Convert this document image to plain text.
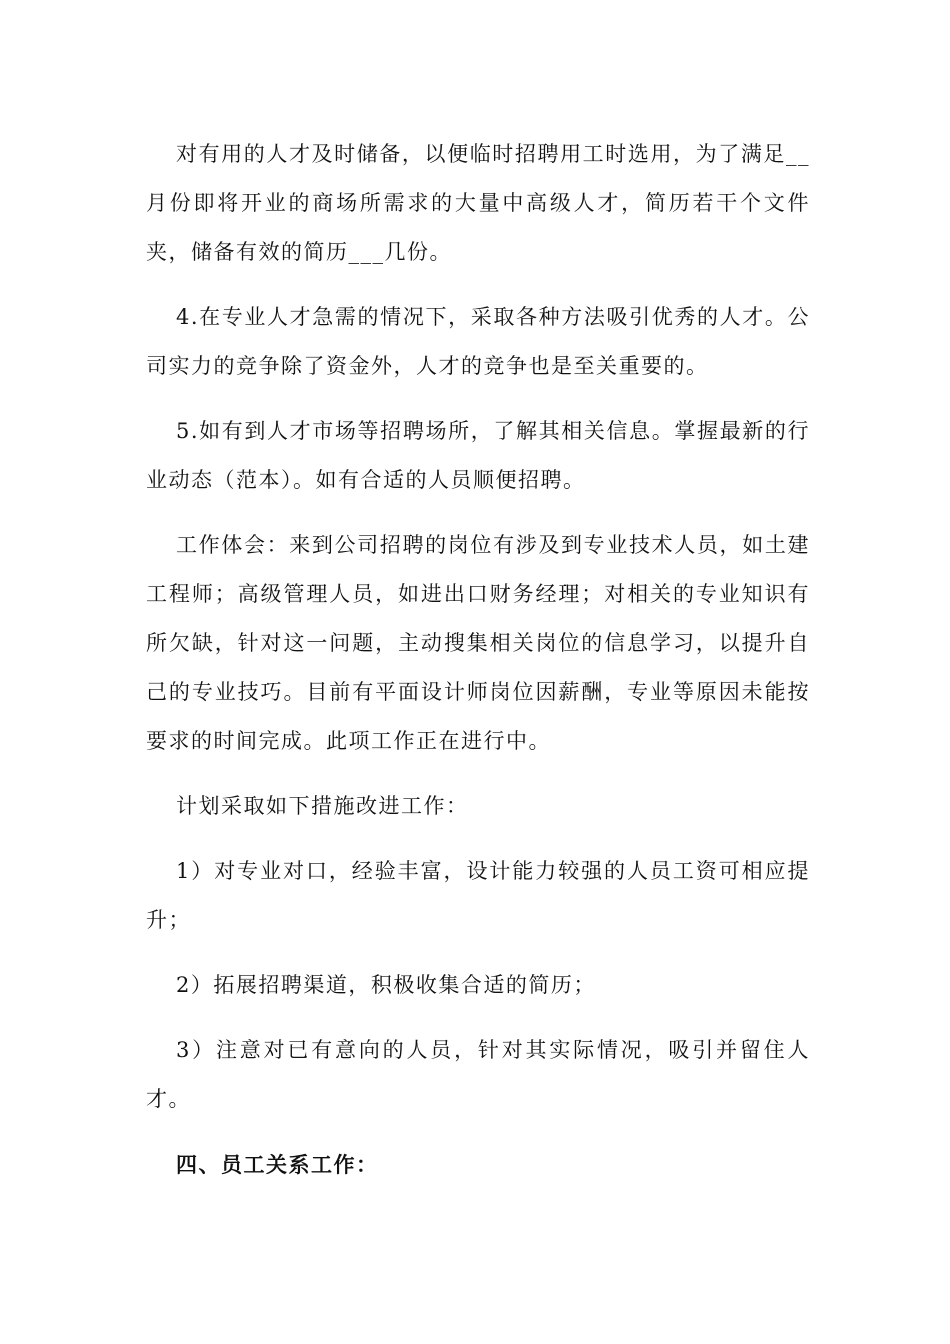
对有用的人才及时储备，以便临时招聘用工时选用，为了满足__月份即将开业的商场所需求的大量中高级人才，简历若干个文件夹，储备有效的简历___几份。

4.在专业人才急需的情况下，采取各种方法吸引优秀的人才。公司实力的竞争除了资金外，人才的竞争也是至关重要的。

5.如有到人才市场等招聘场所，了解其相关信息。掌握最新的行业动态（范本）。如有合适的人员顺便招聘。

工作体会：来到公司招聘的岗位有涉及到专业技术人员，如土建工程师；高级管理人员，如进出口财务经理；对相关的专业知识有所欠缺，针对这一问题，主动搜集相关岗位的信息学习，以提升自己的专业技巧。目前有平面设计师岗位因薪酬，专业等原因未能按要求的时间完成。此项工作正在进行中。

计划采取如下措施改进工作：

1）对专业对口，经验丰富，设计能力较强的人员工资可相应提升；

2）拓展招聘渠道，积极收集合适的简历；

3）注意对已有意向的人员，针对其实际情况，吸引并留住人才。

四、员工关系工作：
